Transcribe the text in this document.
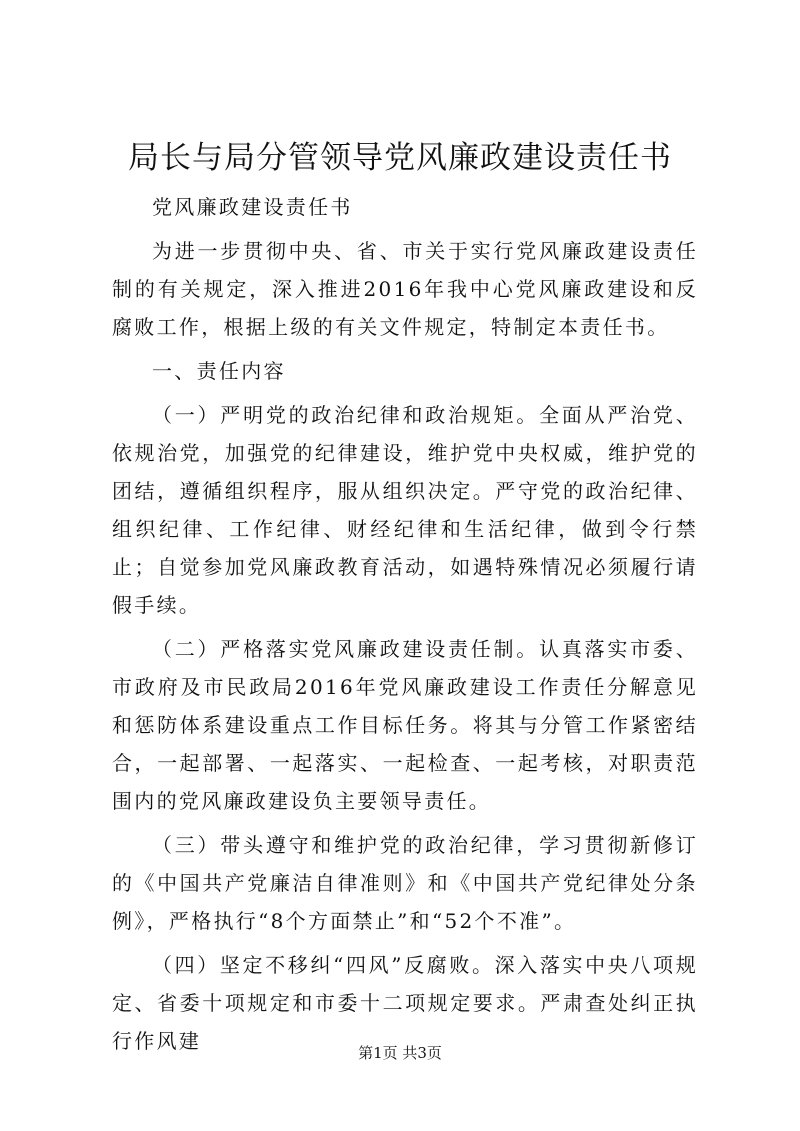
局长与局分管领导党风廉政建设责任书

党风廉政建设责任书

为进一步贯彻中央、省、市关于实行党风廉政建设责任制的有关规定，深入推进2016年我中心党风廉政建设和反腐败工作，根据上级的有关文件规定，特制定本责任书。

一、责任内容

（一）严明党的政治纪律和政治规矩。全面从严治党、依规治党，加强党的纪律建设，维护党中央权威，维护党的团结，遵循组织程序，服从组织决定。严守党的政治纪律、组织纪律、工作纪律、财经纪律和生活纪律，做到令行禁止；自觉参加党风廉政教育活动，如遇特殊情况必须履行请假手续。

（二）严格落实党风廉政建设责任制。认真落实市委、市政府及市民政局2016年党风廉政建设工作责任分解意见和惩防体系建设重点工作目标任务。将其与分管工作紧密结合，一起部署、一起落实、一起检查、一起考核，对职责范围内的党风廉政建设负主要领导责任。

（三）带头遵守和维护党的政治纪律，学习贯彻新修订的《中国共产党廉洁自律准则》和《中国共产党纪律处分条例》，严格执行“8个方面禁止”和“52个不准”。

（四）坚定不移纠“四风”反腐败。深入落实中央八项规定、省委十项规定和市委十二项规定要求。严肃查处纠正执行作风建	第1页 共3页
